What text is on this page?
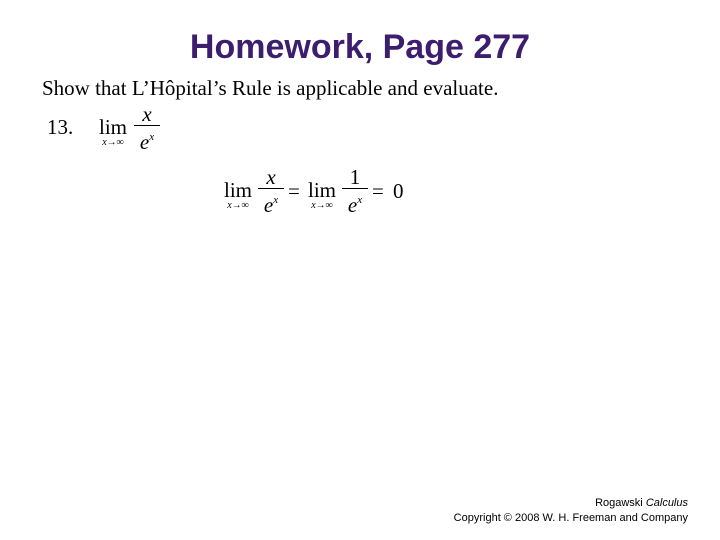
Homework, Page 277
Show that L’Hôpital’s Rule is applicable and evaluate.
13. lim
x→∞
x
$e^x$
lim
x→∞
x
$e^x = \lim$
x→∞
1
$e^x = 0$
Rogawski Calculus
Copyright © 2008 W. H. Freeman and Company
